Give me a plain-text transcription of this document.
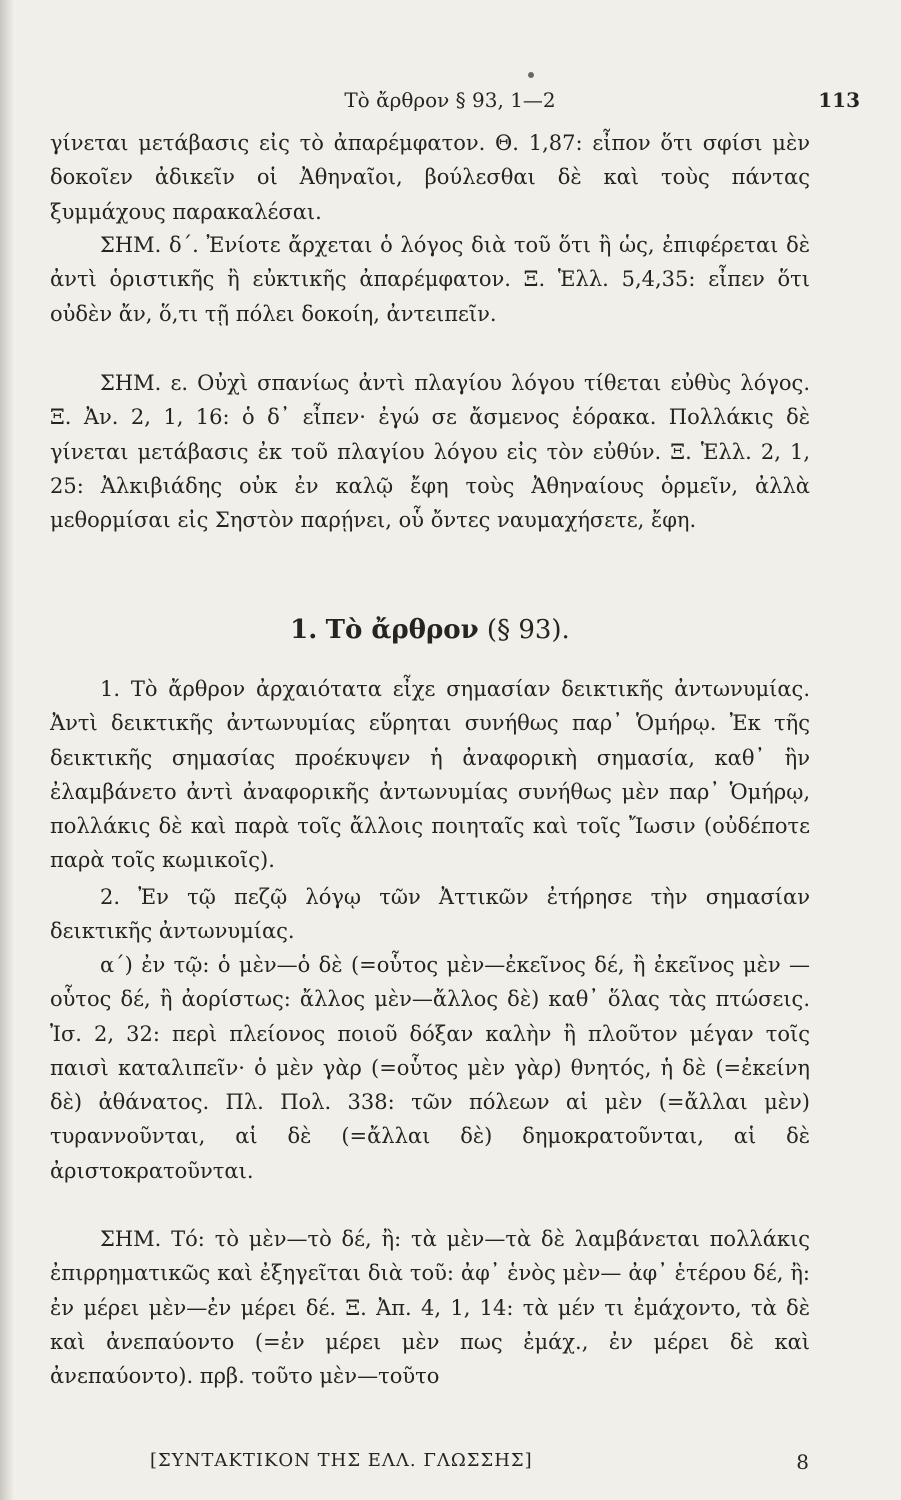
Τὸ ἄρθρον § 93, 1—2	113

γίνεται μετάβασις εἰς τὸ ἀπαρέμφατον. Θ. 1,87: εἶπον ὅτι σφίσι μὲν δοκοῖεν ἀδικεῖν οἱ Ἀθηναῖοι, βούλεσθαι δὲ καὶ τοὺς πάντας ξυμμάχους παρακαλέσαι.

ΣΗΜ. δ΄. Ἐνίοτε ἄρχεται ὁ λόγος διὰ τοῦ ὅτι ἢ ὡς, ἐπιφέρεται δὲ ἀντὶ ὁριστικῆς ἢ εὐκτικῆς ἀπαρέμφατον. Ξ. Ἑλλ. 5,4,35: εἶπεν ὅτι οὐδὲν ἄν, ὅ,τι τῇ πόλει δοκοίη, ἀντειπεῖν.

ΣΗΜ. ε. Οὐχὶ σπανίως ἀντὶ πλαγίου λόγου τίθεται εὐθὺς λόγος. Ξ. Ἀν. 2, 1, 16: ὁ δ᾽ εἶπεν· ἐγώ σε ἄσμενος ἑόρακα. Πολλάκις δὲ γίνεται μετάβασις ἐκ τοῦ πλαγίου λόγου εἰς τὸν εὐθύν. Ξ. Ἑλλ. 2, 1, 25: Ἀλκιβιάδης οὐκ ἐν καλῷ ἔφη τοὺς Ἀθηναίους ὁρμεῖν, ἀλλὰ μεθορμίσαι εἰς Σηστὸν παρῄνει, οὗ ὄντες ναυμαχήσετε, ἔφη.

1. Τὸ ἄρθρον (§ 93).

1. Τὸ ἄρθρον ἀρχαιότατα εἶχε σημασίαν δεικτικῆς ἀντωνυμίας. Ἀντὶ δεικτικῆς ἀντωνυμίας εὕρηται συνήθως παρ᾽ Ὁμήρῳ. Ἐκ τῆς δεικτικῆς σημασίας προέκυψεν ἡ ἀναφορικὴ σημασία, καθ᾽ ἣν ἐλαμβάνετο ἀντὶ ἀναφορικῆς ἀντωνυμίας συνήθως μὲν παρ᾽ Ὁμήρῳ, πολλάκις δὲ καὶ παρὰ τοῖς ἄλλοις ποιηταῖς καὶ τοῖς Ἴωσιν (οὐδέποτε παρὰ τοῖς κωμικοῖς).

2. Ἐν τῷ πεζῷ λόγῳ τῶν Ἀττικῶν ἐτήρησε τὴν σημασίαν δεικτικῆς ἀντωνυμίας.

α΄) ἐν τῷ: ὁ μὲν—ὁ δὲ (=οὗτος μὲν—ἐκεῖνος δέ, ἢ ἐκεῖνος μὲν —οὗτος δέ, ἢ ἀορίστως: ἄλλος μὲν—ἄλλος δὲ) καθ᾽ ὅλας τὰς πτώσεις. Ἰσ. 2, 32: περὶ πλείονος ποιοῦ δόξαν καλὴν ἢ πλοῦτον μέγαν τοῖς παισὶ καταλιπεῖν· ὁ μὲν γὰρ (=οὗτος μὲν γὰρ) θνητός, ἡ δὲ (=ἐκείνη δὲ) ἀθάνατος. Πλ. Πολ. 338: τῶν πόλεων αἱ μὲν (=ἄλλαι μὲν) τυραννοῦνται, αἱ δὲ (=ἄλλαι δὲ) δημοκρατοῦνται, αἱ δὲ ἀριστοκρατοῦνται.

ΣΗΜ. Τό: τὸ μὲν—τὸ δέ, ἢ: τὰ μὲν—τὰ δὲ λαμβάνεται πολλάκις ἐπιρρηματικῶς καὶ ἐξηγεῖται διὰ τοῦ: ἀφ᾽ ἑνὸς μὲν— ἀφ᾽ ἑτέρου δέ, ἢ: ἐν μέρει μὲν—ἐν μέρει δέ. Ξ. Ἀπ. 4, 1, 14: τὰ μέν τι ἐμάχοντο, τὰ δὲ καὶ ἀνεπαύοντο (=ἐν μέρει μὲν πως ἐμάχ., ἐν μέρει δὲ καὶ ἀνεπαύοντο). πρβ. τοῦτο μὲν—τοῦτο

[ΣΥΝΤΑΚΤΙΚΟΝ ΤΗΣ ΕΛΛ. ΓΛΩΣΣΗΣ]	8
